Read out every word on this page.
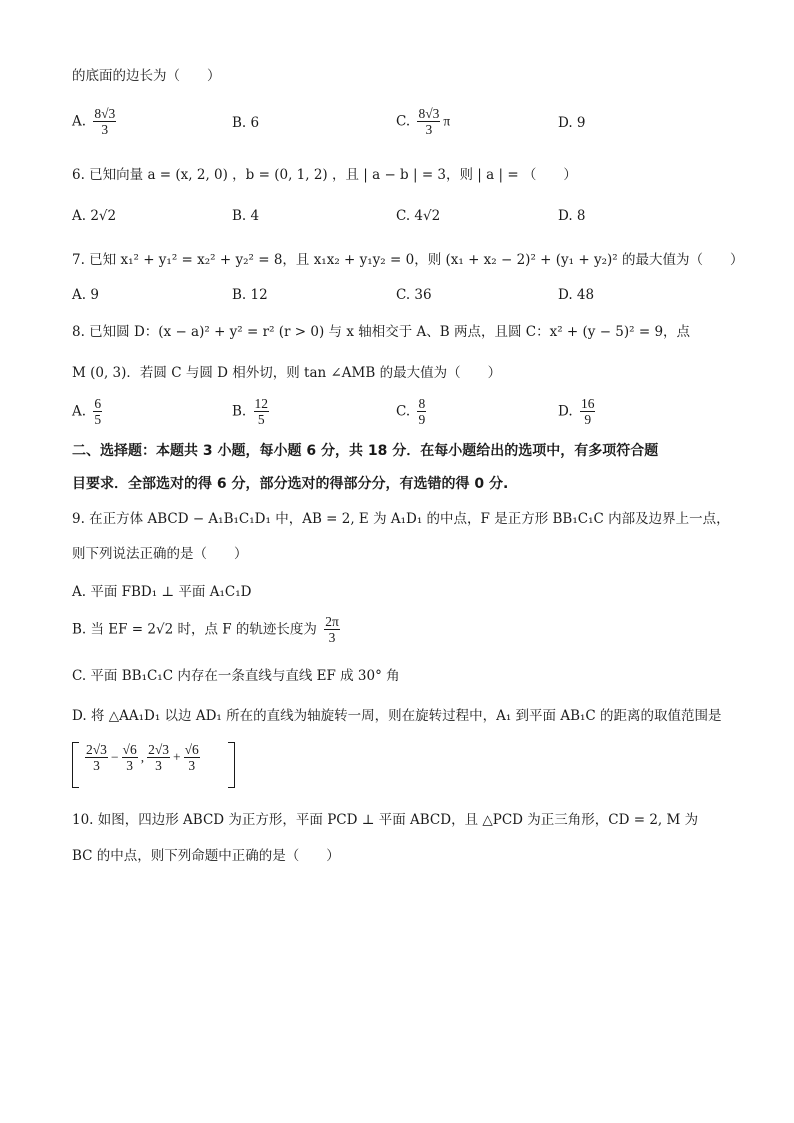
的底面的边长为（　　）
A. $\frac{8√3}{3}$	B. 6	C. $\frac{8√3}{3}$ π	D. 9
6. 已知向量 a = (x, 2, 0) ，b = (0, 1, 2) ，且 | a − b | = 3，则 | a | = （　　）
A. 2√2	B. 4	C. 4√2	D. 8
7. 已知 x₁² + y₁² = x₂² + y₂² = 8，且 x₁x₂ + y₁y₂ = 0，则 (x₁ + x₂ − 2)² + (y₁ + y₂)² 的最大值为（　　）
A. 9	B. 12	C. 36	D. 48
8. 已知圆 D：(x − a)² + y² = r² (r > 0) 与 x 轴相交于 A、B 两点，且圆 C：x² + (y − 5)² = 9，点
M (0, 3)．若圆 C 与圆 D 相外切，则 tan ∠AMB 的最大值为（　　）
A. $\frac{6}{5}$	B. $\frac{12}{5}$	C. $\frac{8}{9}$	D. $\frac{16}{9}$
二、选择题：本题共 3 小题，每小题 6 分，共 18 分．在每小题给出的选项中，有多项符合题
目要求．全部选对的得 6 分，部分选对的得部分分，有选错的得 0 分.
9. 在正方体 ABCD − A₁B₁C₁D₁ 中，AB = 2, E 为 A₁D₁ 的中点，F 是正方形 BB₁C₁C 内部及边界上一点，
则下列说法正确的是（　　）
A. 平面 FBD₁ ⊥ 平面 A₁C₁D
B. 当 EF = 2√2 时，点 F 的轨迹长度为 $\frac{2\pi}{3}$
C. 平面 BB₁C₁C 内存在一条直线与直线 EF 成 30° 角
D. 将 △AA₁D₁ 以边 AD₁ 所在的直线为轴旋转一周，则在旋转过程中，A₁ 到平面 AB₁C 的距离的取值范围是
$\frac{2√3}{3} - \frac{√6}{3}$ , $\frac{2√3}{3} + \frac{√6}{3}$
10. 如图，四边形 ABCD 为正方形，平面 PCD ⊥ 平面 ABCD，且 △PCD 为正三角形，CD = 2, M 为
BC 的中点，则下列命题中正确的是（　　）
